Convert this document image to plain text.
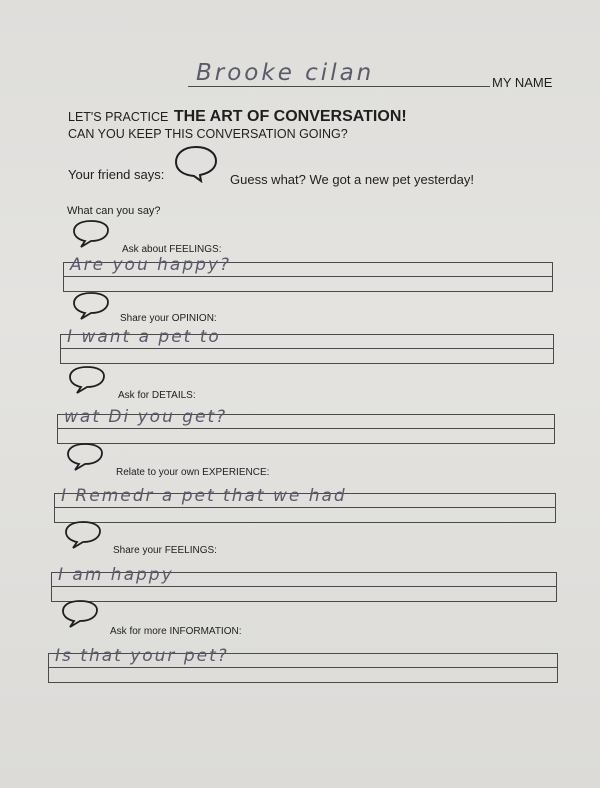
Brooke cilan	MY NAME
LET'S PRACTICE THE ART OF CONVERSATION!
CAN YOU KEEP THIS CONVERSATION GOING?
Your friend says:	Guess what? We got a new pet yesterday!
What can you say?
Ask about FEELINGS:
Are you happy?
Share your OPINION:
I want a pet to
Ask for DETAILS:
wat Di you get?
Relate to your own EXPERIENCE:
I Remedr a pet that we had
Share your FEELINGS:
I am happy
Ask for more INFORMATION:
Is that your pet?
